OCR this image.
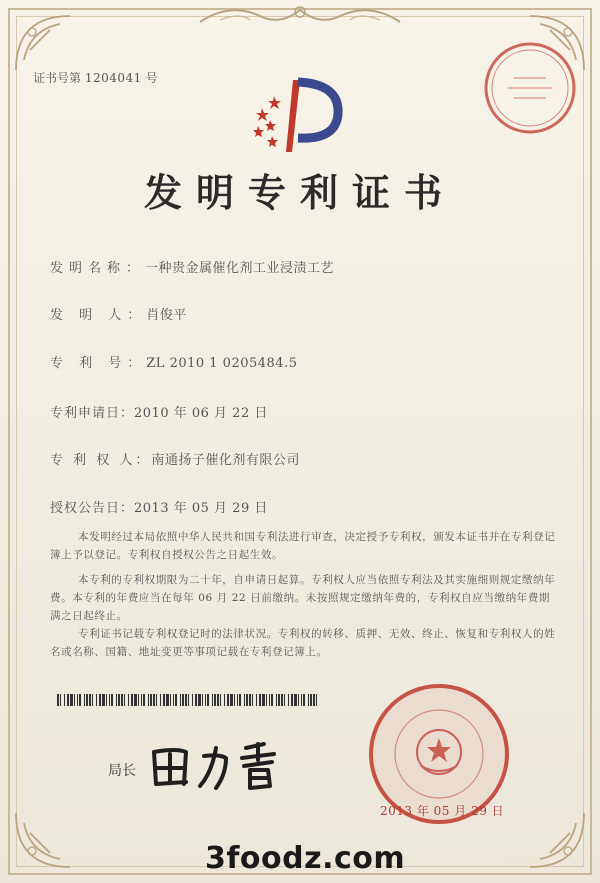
证书号第 1204041 号
发明专利证书
发明名称：一种贵金属催化剂工业浸渍工艺
发 明 人：肖俊平
专 利 号：ZL 2010 1 0205484.5
专利申请日：2010 年 06 月 22 日
专 利 权 人：南通扬子催化剂有限公司
授权公告日：2013 年 05 月 29 日
本发明经过本局依照中华人民共和国专利法进行审查，决定授予专利权，颁发本证书并在专利登记簿上予以登记。专利权自授权公告之日起生效。
本专利的专利权期限为二十年，自申请日起算。专利权人应当依照专利法及其实施细则规定缴纳年费。本专利的年费应当在每年 06 月 22 日前缴纳。未按照规定缴纳年费的，专利权自应当缴纳年费期满之日起终止。
专利证书记载专利权登记时的法律状况。专利权的转移、质押、无效、终止、恢复和专利权人的姓名或名称、国籍、地址变更等事项记载在专利登记簿上。
局长
2013 年 05 月 29 日
3foodz.com
